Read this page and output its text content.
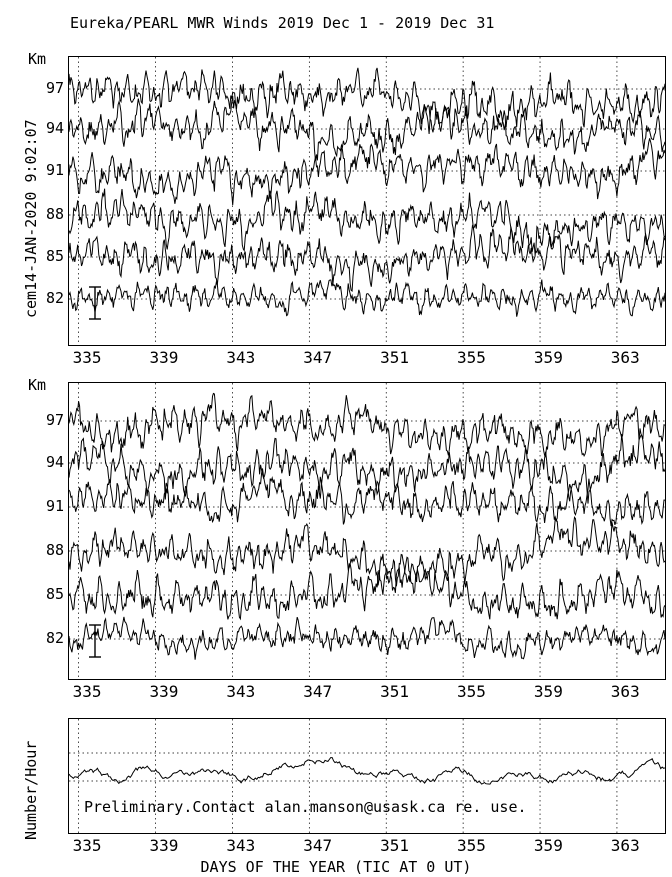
Eureka/PEARL MWR Winds 2019 Dec 1 - 2019 Dec 31
cem14-JAN-2020 9:02:07
Number/Hour
Km
97
94
91
88
85
82
335	339	343	347	351	355	359	363
Km
97
94
91
88
85
82
335	339	343	347	351	355	359	363
Preliminary.Contact alan.manson@usask.ca re. use.
335	339	343	347	351	355	359	363
DAYS OF THE YEAR (TIC AT 0 UT)
